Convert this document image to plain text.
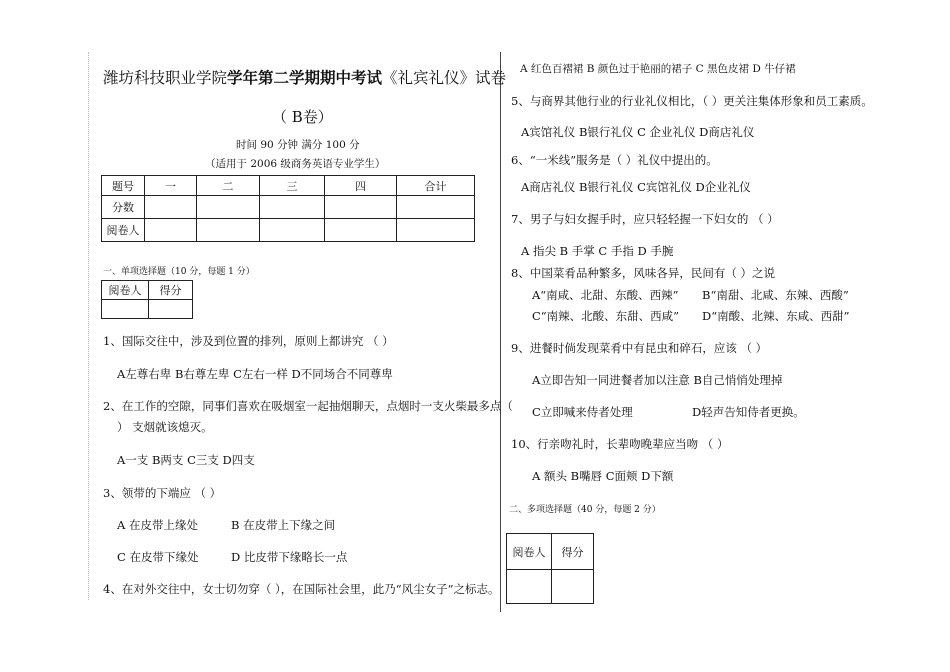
潍坊科技职业学院学年第二学期期中考试《礼宾礼仪》试卷
（ B卷）
时间 90 分钟 满分 100 分
（适用于 2006 级商务英语专业学生）
题号	一	二	三	四	合计
分数					
阅卷人					
一、单项选择题（10 分，每题 1 分）
阅卷人	得分

1、国际交往中，涉及到位置的排列，原则上都讲究 （ ）
A左尊右卑 B右尊左卑 C左右一样 D不同场合不同尊卑
2、在工作的空隙，同事们喜欢在吸烟室一起抽烟聊天，点烟时一支火柴最多点（
） 支烟就该熄灭。
A一支 B两支 C三支 D四支
3、领带的下端应 （ ）
A 在皮带上缘处	B 在皮带上下缘之间
C 在皮带下缘处	D 比皮带下缘略长一点
4、在对外交往中，女士切勿穿（ ），在国际社会里，此乃“风尘女子”之标志。
A 红色百褶裙 B 颜色过于艳丽的裙子 C 黑色皮裙 D 牛仔裙
5、与商界其他行业的行业礼仪相比，（ ）更关注集体形象和员工素质。
A宾馆礼仪 B银行礼仪 C 企业礼仪 D商店礼仪
6、“一米线”服务是（ ）礼仪中提出的。
A商店礼仪 B银行礼仪 C宾馆礼仪 D企业礼仪
7、男子与妇女握手时，应只轻轻握一下妇女的 （ ）
A 指尖 B 手掌 C 手指 D 手腕
8、中国菜肴品种繁多，风味各异，民间有（ ）之说
A“南咸、北甜、东酸、西辣” B“南甜、北咸、东辣、西酸”
C“南辣、北酸、东甜、西咸” D“南酸、北辣、东咸、西甜”
9、进餐时倘发现菜肴中有昆虫和碎石，应该 （ ）
A立即告知一同进餐者加以注意 B自己悄悄处理掉
C立即喊来侍者处理	D轻声告知侍者更换。
10、行亲吻礼时，长辈吻晚辈应当吻 （ ）
A 额头 B嘴唇 C面颊 D下额
二、多项选择题（40 分，每题 2 分）
阅卷人	得分
